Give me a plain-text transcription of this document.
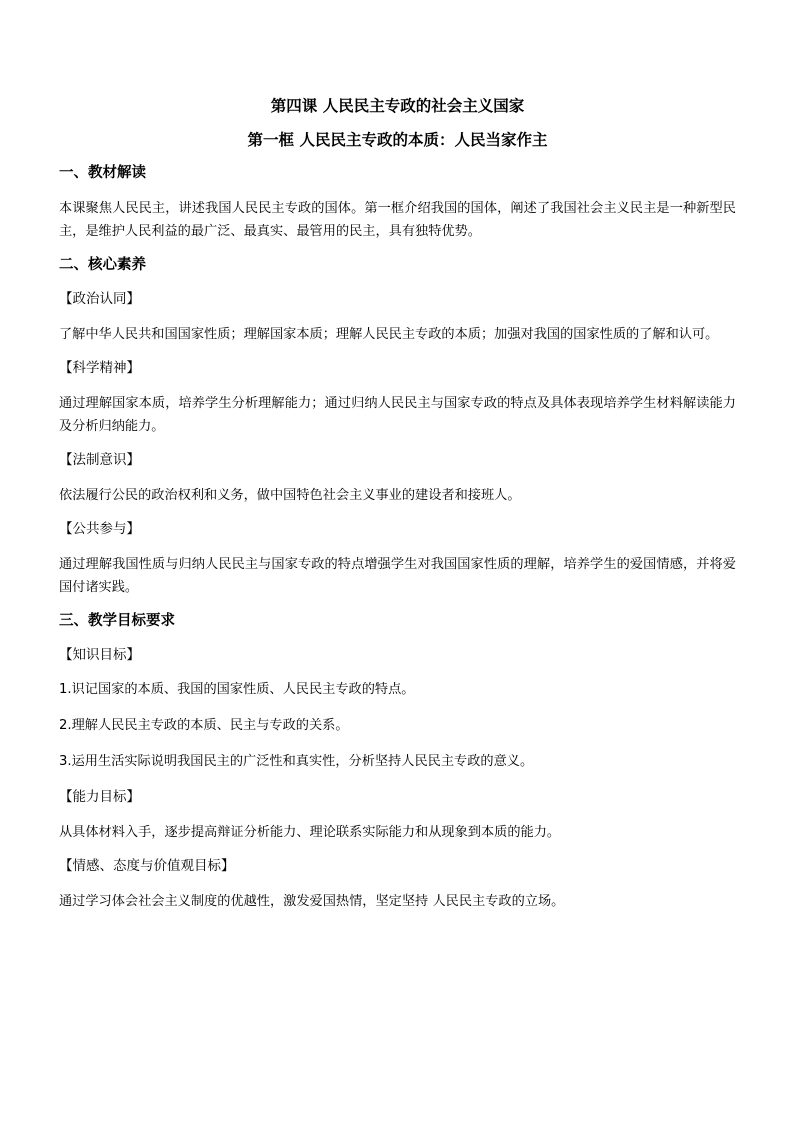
第四课 人民民主专政的社会主义国家
第一框 人民民主专政的本质：人民当家作主

一、教材解读

本课聚焦人民民主，讲述我国人民民主专政的国体。第一框介绍我国的国体，阐述了我国社会主义民主是一种新型民主，是维护人民利益的最广泛、最真实、最管用的民主，具有独特优势。

二、核心素养

【政治认同】

了解中华人民共和国国家性质；理解国家本质；理解人民民主专政的本质；加强对我国的国家性质的了解和认可。

【科学精神】

通过理解国家本质，培养学生分析理解能力；通过归纳人民民主与国家专政的特点及具体表现培养学生材料解读能力及分析归纳能力。

【法制意识】

依法履行公民的政治权利和义务，做中国特色社会主义事业的建设者和接班人。

【公共参与】

通过理解我国性质与归纳人民民主与国家专政的特点增强学生对我国国家性质的理解，培养学生的爱国情感，并将爱国付诸实践。

三、教学目标要求

【知识目标】

1.识记国家的本质、我国的国家性质、人民民主专政的特点。

2.理解人民民主专政的本质、民主与专政的关系。

3.运用生活实际说明我国民主的广泛性和真实性，分析坚持人民民主专政的意义。

【能力目标】

从具体材料入手，逐步提高辩证分析能力、理论联系实际能力和从现象到本质的能力。

【情感、态度与价值观目标】

通过学习体会社会主义制度的优越性，激发爱国热情，坚定坚持 人民民主专政的立场。
